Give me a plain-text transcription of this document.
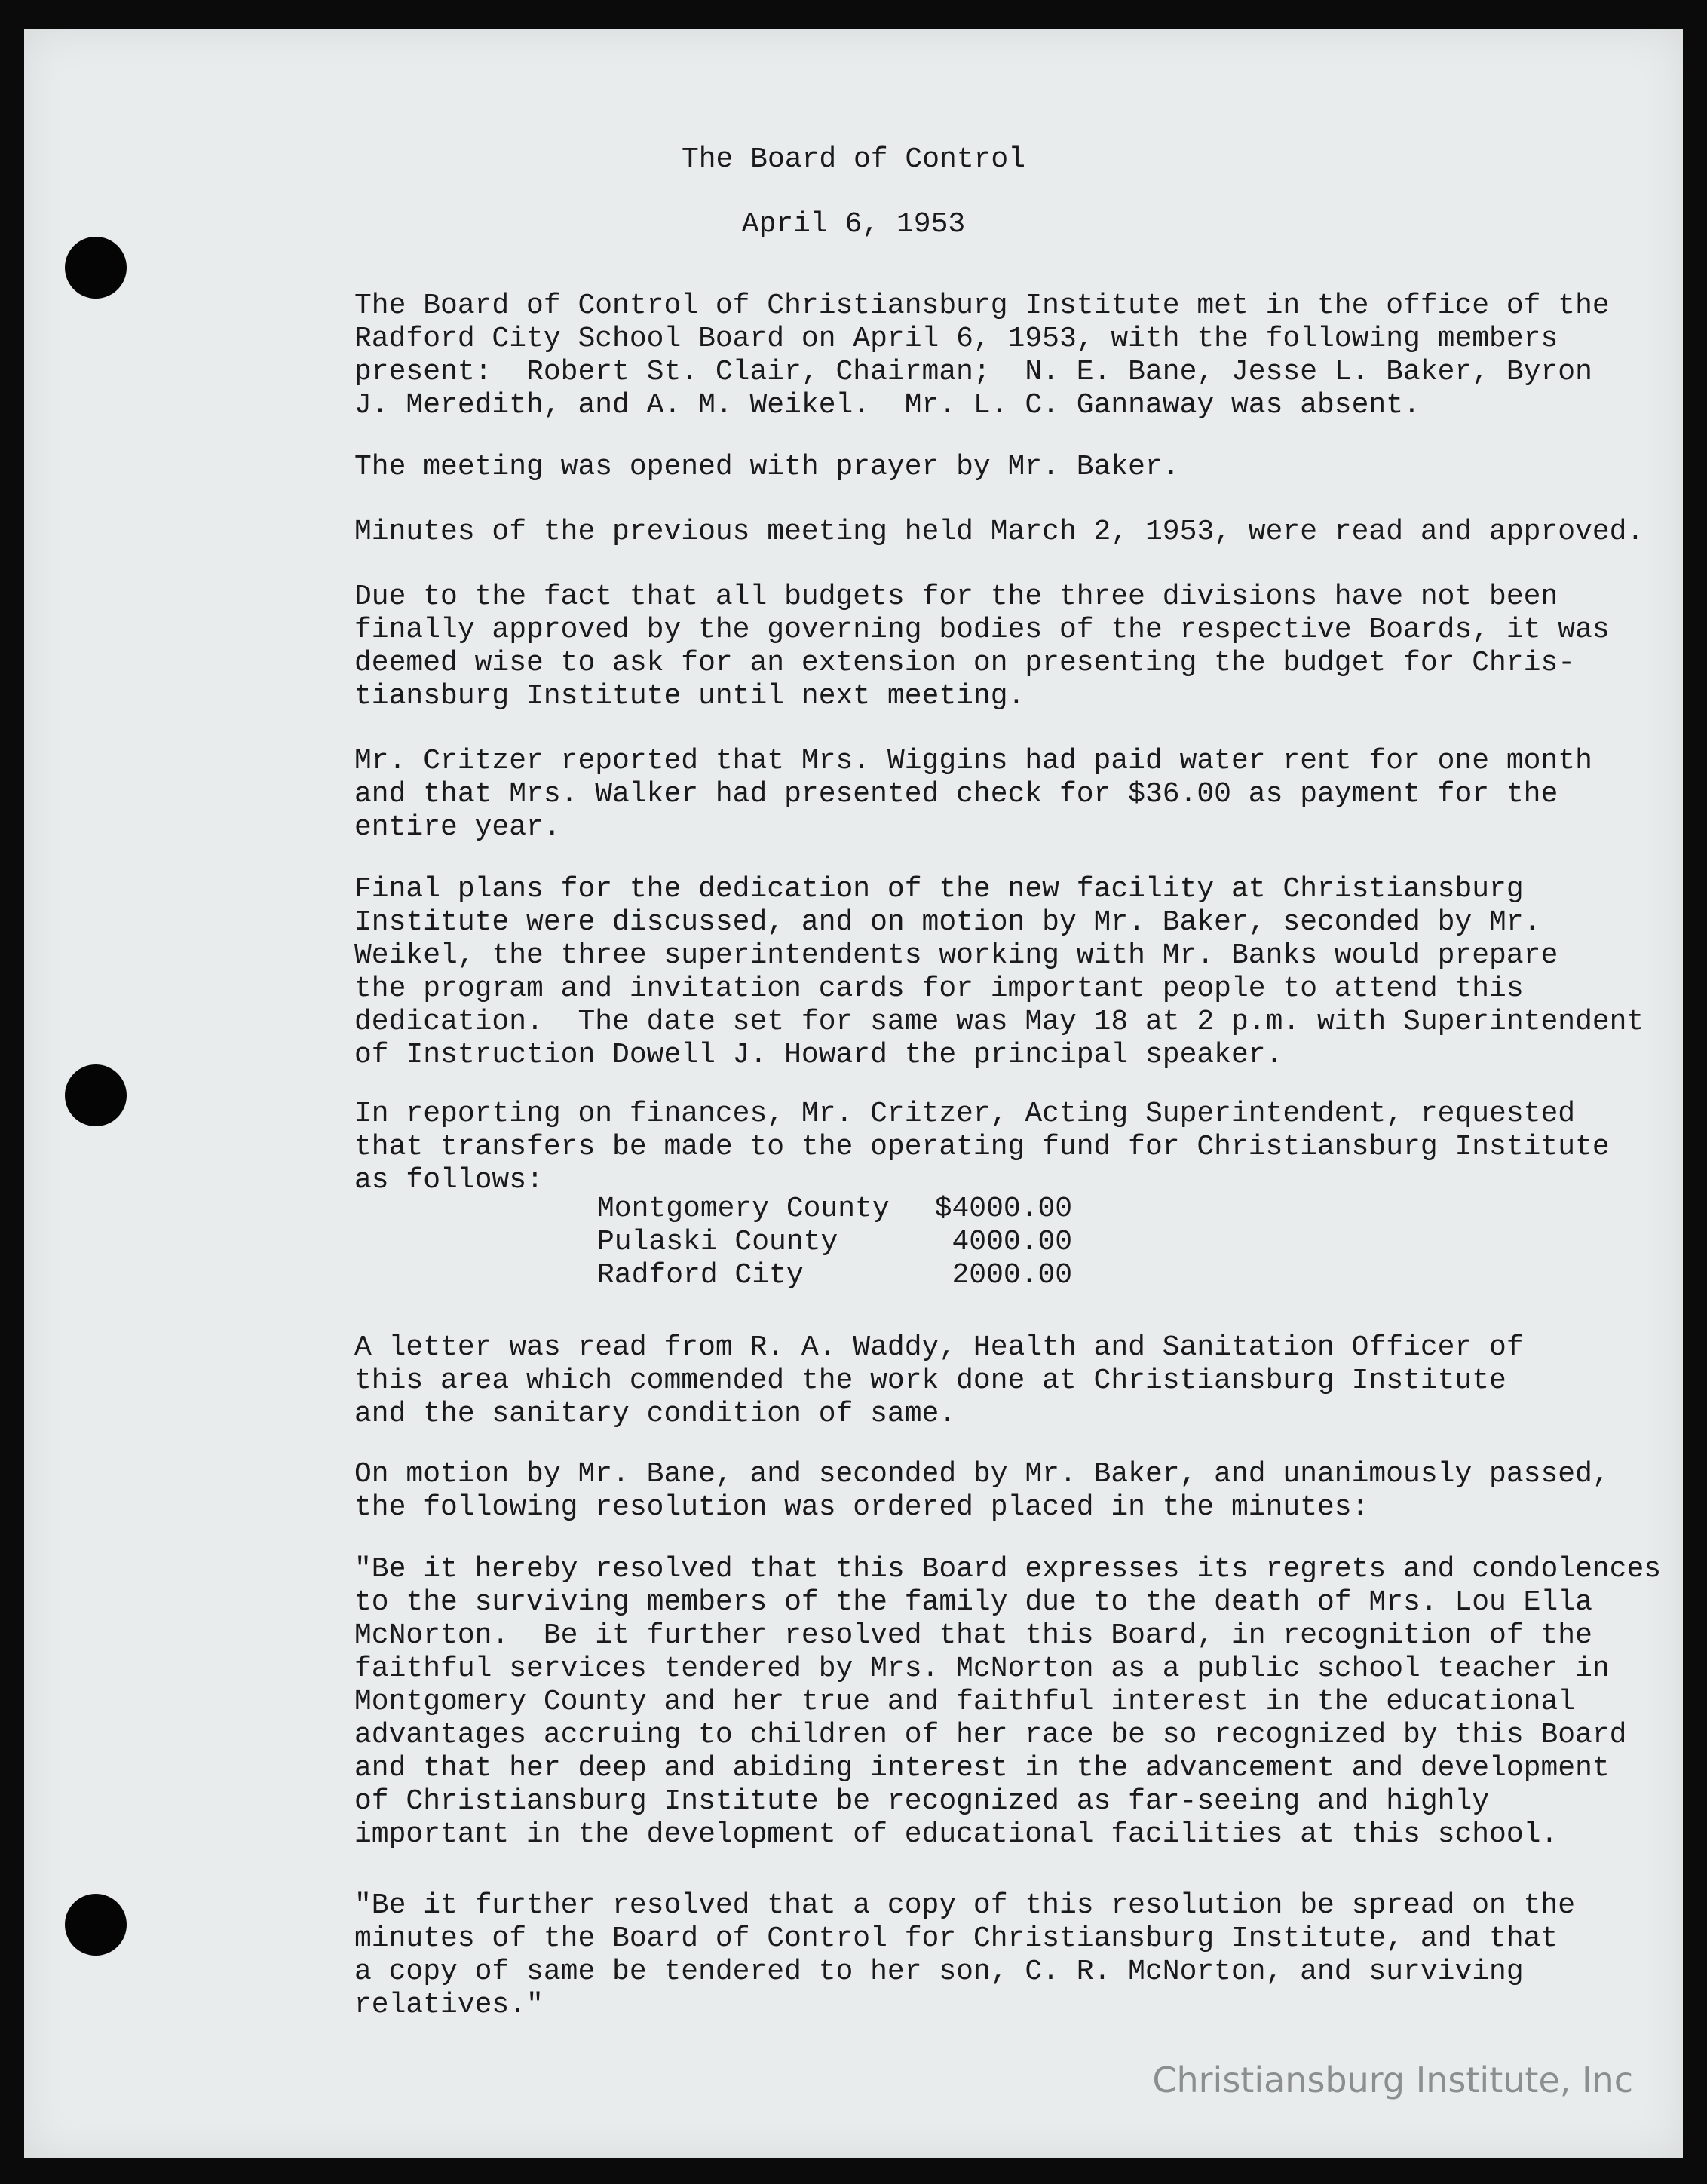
The Board of Control
April 6, 1953
The Board of Control of Christiansburg Institute met in the office of the
Radford City School Board on April 6, 1953, with the following members
present:  Robert St. Clair, Chairman;  N. E. Bane, Jesse L. Baker, Byron
J. Meredith, and A. M. Weikel.  Mr. L. C. Gannaway was absent.
The meeting was opened with prayer by Mr. Baker.
Minutes of the previous meeting held March 2, 1953, were read and approved.
Due to the fact that all budgets for the three divisions have not been
finally approved by the governing bodies of the respective Boards, it was
deemed wise to ask for an extension on presenting the budget for Chris-
tiansburg Institute until next meeting.
Mr. Critzer reported that Mrs. Wiggins had paid water rent for one month
and that Mrs. Walker had presented check for $36.00 as payment for the
entire year.
Final plans for the dedication of the new facility at Christiansburg
Institute were discussed, and on motion by Mr. Baker, seconded by Mr.
Weikel, the three superintendents working with Mr. Banks would prepare
the program and invitation cards for important people to attend this
dedication.  The date set for same was May 18 at 2 p.m. with Superintendent
of Instruction Dowell J. Howard the principal speaker.
In reporting on finances, Mr. Critzer, Acting Superintendent, requested
that transfers be made to the operating fund for Christiansburg Institute
as follows:
Montgomery County	$4000.00
Pulaski County	4000.00
Radford City	2000.00
A letter was read from R. A. Waddy, Health and Sanitation Officer of
this area which commended the work done at Christiansburg Institute
and the sanitary condition of same.
On motion by Mr. Bane, and seconded by Mr. Baker, and unanimously passed,
the following resolution was ordered placed in the minutes:
"Be it hereby resolved that this Board expresses its regrets and condolences
to the surviving members of the family due to the death of Mrs. Lou Ella
McNorton.  Be it further resolved that this Board, in recognition of the
faithful services tendered by Mrs. McNorton as a public school teacher in
Montgomery County and her true and faithful interest in the educational
advantages accruing to children of her race be so recognized by this Board
and that her deep and abiding interest in the advancement and development
of Christiansburg Institute be recognized as far-seeing and highly
important in the development of educational facilities at this school.
"Be it further resolved that a copy of this resolution be spread on the
minutes of the Board of Control for Christiansburg Institute, and that
a copy of same be tendered to her son, C. R. McNorton, and surviving
relatives."
Christiansburg Institute, Inc
